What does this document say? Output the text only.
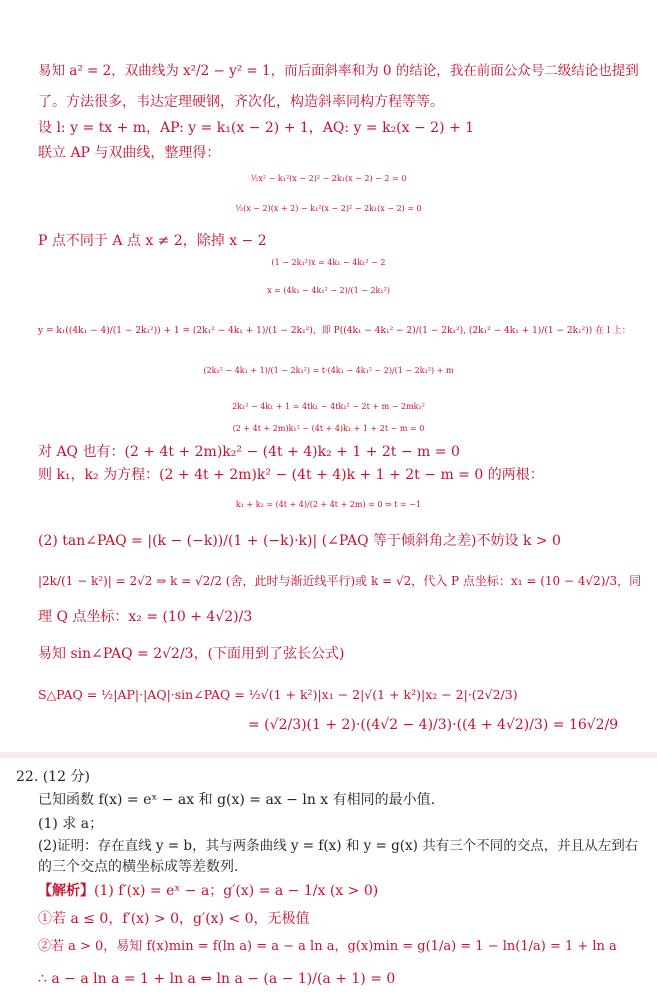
易知 a² = 2，双曲线为 x²/2 − y² = 1，而后面斜率和为 0 的结论，我在前面公众号二级结论也提到
了。方法很多，韦达定理硬钢，齐次化，构造斜率同构方程等等。
设 l: y = tx + m，AP: y = k₁(x − 2) + 1，AQ: y = k₂(x − 2) + 1
联立 AP 与双曲线，整理得：
½x² − k₁²(x − 2)² − 2k₁(x − 2) − 2 = 0
½(x − 2)(x + 2) − k₁²(x − 2)² − 2k₁(x − 2) = 0
P 点不同于 A 点 x ≠ 2，除掉 x − 2
(1 − 2k₁²)x = 4k₁ − 4k₁² − 2
x = (4k₁ − 4k₁² − 2)/(1 − 2k₁²)
y = k₁((4k₁ − 4)/(1 − 2k₁²)) + 1 = (2k₁² − 4k₁ + 1)/(1 − 2k₁²)，即 P((4k₁ − 4k₁² − 2)/(1 − 2k₁²), (2k₁² − 4k₁ + 1)/(1 − 2k₁²)) 在 l 上：
(2k₁² − 4k₁ + 1)/(1 − 2k₁²) = t·(4k₁ − 4k₁² − 2)/(1 − 2k₁²) + m
2k₁² − 4k₁ + 1 = 4tk₁ − 4tk₁² − 2t + m − 2mk₁²
(2 + 4t + 2m)k₁² − (4t + 4)k₁ + 1 + 2t − m = 0
对 AQ 也有：(2 + 4t + 2m)k₂² − (4t + 4)k₂ + 1 + 2t − m = 0
则 k₁，k₂ 为方程：(2 + 4t + 2m)k² − (4t + 4)k + 1 + 2t − m = 0 的两根：
k₁ + k₂ = (4t + 4)/(2 + 4t + 2m) = 0 ⇒ t = −1
(2) tan∠PAQ = |(k − (−k))/(1 + (−k)·k)| (∠PAQ 等于倾斜角之差)不妨设 k > 0
|2k/(1 − k²)| = 2√2 ⇒ k = √2/2 (舍，此时与渐近线平行)或 k = √2，代入 P 点坐标：x₁ = (10 − 4√2)/3，同
理 Q 点坐标：x₂ = (10 + 4√2)/3
易知 sin∠PAQ = 2√2/3，(下面用到了弦长公式)
S△PAQ = ½|AP|·|AQ|·sin∠PAQ = ½√(1 + k²)|x₁ − 2|√(1 + k²)|x₂ − 2|·(2√2/3)
= (√2/3)(1 + 2)·((4√2 − 4)/3)·((4 + 4√2)/3) = 16√2/9
22. (12 分)
已知函数 f(x) = eˣ − ax 和 g(x) = ax − ln x 有相同的最小值.
(1) 求 a；
(2)证明：存在直线 y = b，其与两条曲线 y = f(x) 和 y = g(x) 共有三个不同的交点，并且从左到右
的三个交点的横坐标成等差数列.
【解析】(1) f′(x) = eˣ − a；g′(x) = a − 1/x (x > 0)
①若 a ≤ 0，f′(x) > 0，g′(x) < 0，无极值
②若 a > 0，易知 f(x)min = f(ln a) = a − a ln a，g(x)min = g(1/a) = 1 − ln(1/a) = 1 + ln a
∴ a − a ln a = 1 + ln a ⇔ ln a − (a − 1)/(a + 1) = 0
